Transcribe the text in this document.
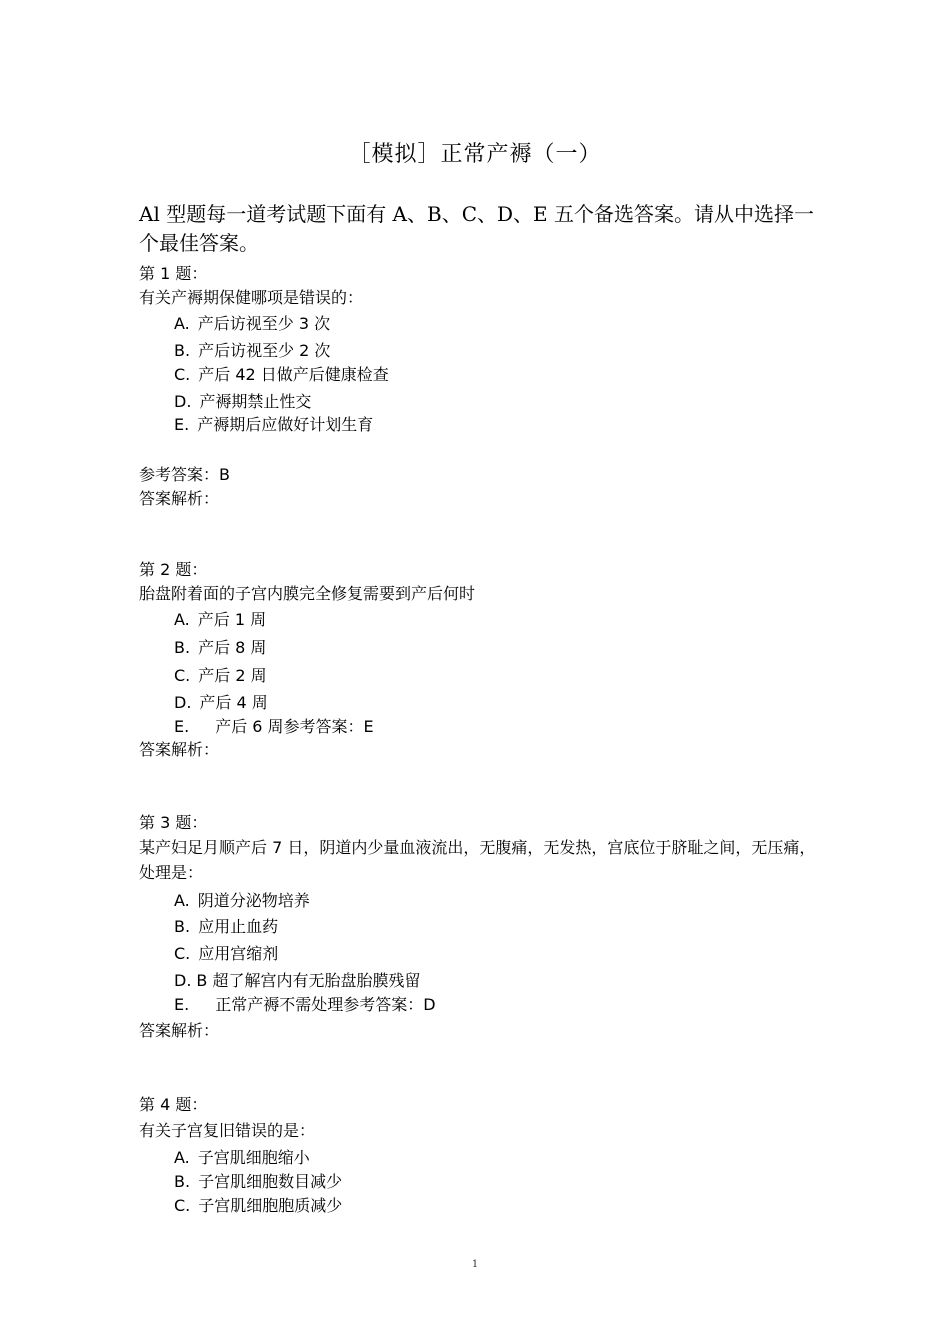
［模拟］正常产褥（一）
Al 型题每一道考试题下面有 A、B、C、D、E 五个备选答案。请从中选择一个最佳答案。
第 1 题：
有关产褥期保健哪项是错误的：
A. 产后访视至少 3 次
B. 产后访视至少 2 次
C. 产后 42 日做产后健康检查
D. 产褥期禁止性交
E. 产褥期后应做好计划生育
参考答案：B
答案解析：
第 2 题：
胎盘附着面的子宫内膜完全修复需要到产后何时
A. 产后 1 周
B. 产后 8 周
C. 产后 2 周
D. 产后 4 周
E. 产后 6 周参考答案：E
答案解析：
第 3 题：
某产妇足月顺产后 7 日，阴道内少量血液流出，无腹痛，无发热，宫底位于脐耻之间，无压痛，处理是：
A. 阴道分泌物培养
B. 应用止血药
C. 应用宫缩剂
D. B 超了解宫内有无胎盘胎膜残留
E. 正常产褥不需处理参考答案：D
答案解析：
第 4 题：
有关子宫复旧错误的是：
A. 子宫肌细胞缩小
B. 子宫肌细胞数目减少
C. 子宫肌细胞胞质减少
1
